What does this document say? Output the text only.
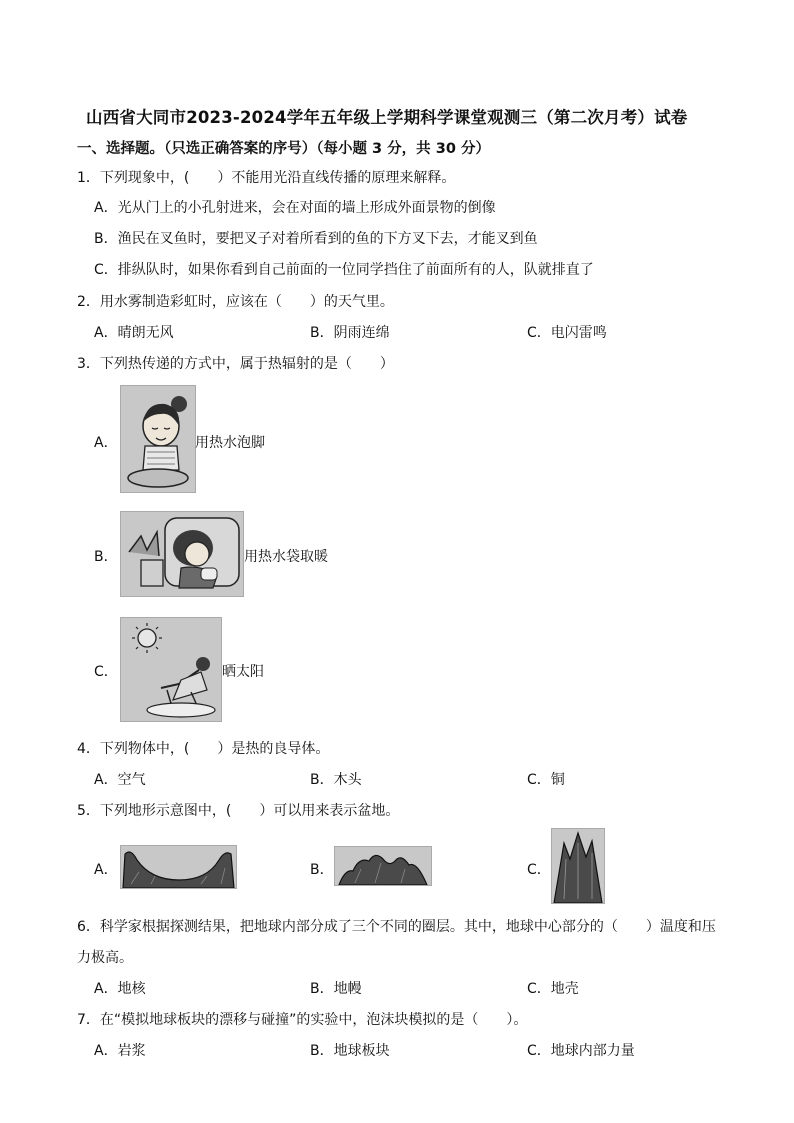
山西省大同市2023-2024学年五年级上学期科学课堂观测三（第二次月考）试卷
一、选择题。（只选正确答案的序号）（每小题 3 分，共 30 分）
1．下列现象中，(　　）不能用光沿直线传播的原理来解释。
A．光从门上的小孔射进来，会在对面的墙上形成外面景物的倒像
B．渔民在叉鱼时，要把叉子对着所看到的鱼的下方叉下去，才能叉到鱼
C．排纵队时，如果你看到自己前面的一位同学挡住了前面所有的人，队就排直了
2．用水雾制造彩虹时，应该在（　　）的天气里。
A．晴朗无风	B．阴雨连绵	C．电闪雷鸣
3．下列热传递的方式中，属于热辐射的是（　　）
A．	用热水泡脚
B．	用热水袋取暖
C．	晒太阳
4．下列物体中，(　　）是热的良导体。
A．空气	B．木头	C．铜
5．下列地形示意图中，(　　）可以用来表示盆地。
A．	B．	C．
6．科学家根据探测结果，把地球内部分成了三个不同的圈层。其中，地球中心部分的（　　）温度和压
力极高。
A．地核	B．地幔	C．地壳
7．在“模拟地球板块的漂移与碰撞”的实验中，泡沫块模拟的是（　　）。
A．岩浆	B．地球板块	C．地球内部力量
